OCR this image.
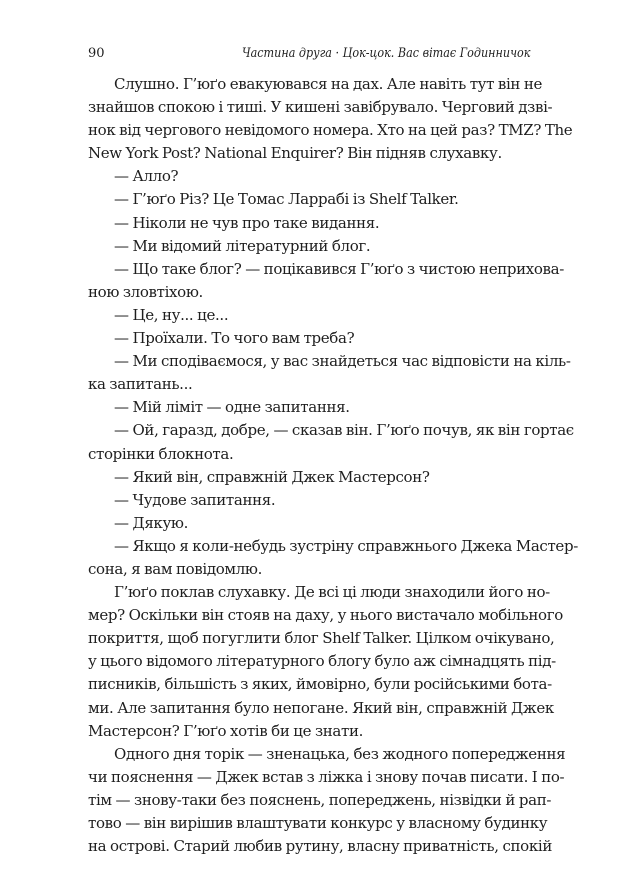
90	Частина друга · Цок-цок. Вас вітає Годинничок
Слушно. Г’юґо евакуювався на дах. Але навіть тут він не
знайшов спокою і тиші. У кишені завібрувало. Черговий дзві-
нок від чергового невідомого номера. Хто на цей раз? TMZ? The
New York Post? National Enquirer? Він підняв слухавку.
— Алло?
— Г’юґо Різ? Це Томас Ларрабі із Shelf Talker.
— Ніколи не чув про таке видання.
— Ми відомий літературний блог.
— Що таке блог? — поцікавився Г’юґо з чистою неприхова-
ною зловтіхою.
— Це, ну... це...
— Проїхали. То чого вам треба?
— Ми сподіваємося, у вас знайдеться час відповісти на кіль-
ка запитань...
— Мій ліміт — одне запитання.
— Ой, гаразд, добре, — сказав він. Г’юґо почув, як він гортає
сторінки блокнота.
— Який він, справжній Джек Мастерсон?
— Чудове запитання.
— Дякую.
— Якщо я коли-небудь зустріну справжнього Джека Мастер-
сона, я вам повідомлю.
Г’юґо поклав слухавку. Де всі ці люди знаходили його но-
мер? Оскільки він стояв на даху, у нього вистачало мобільного
покриття, щоб погуглити блог Shelf Talker. Цілком очікувано,
у цього відомого літературного блогу було аж сімнадцять під-
писників, більшість з яких, ймовірно, були російськими бота-
ми. Але запитання було непогане. Який він, справжній Джек
Мастерсон? Г’юґо хотів би це знати.
Одного дня торік — зненацька, без жодного попередження
чи пояснення — Джек встав з ліжка і знову почав писати. І по-
тім — знову-таки без пояснень, попереджень, нізвідки й рап-
тово — він вирішив влаштувати конкурс у власному будинку
на острові. Старий любив рутину, власну приватність, спокій
